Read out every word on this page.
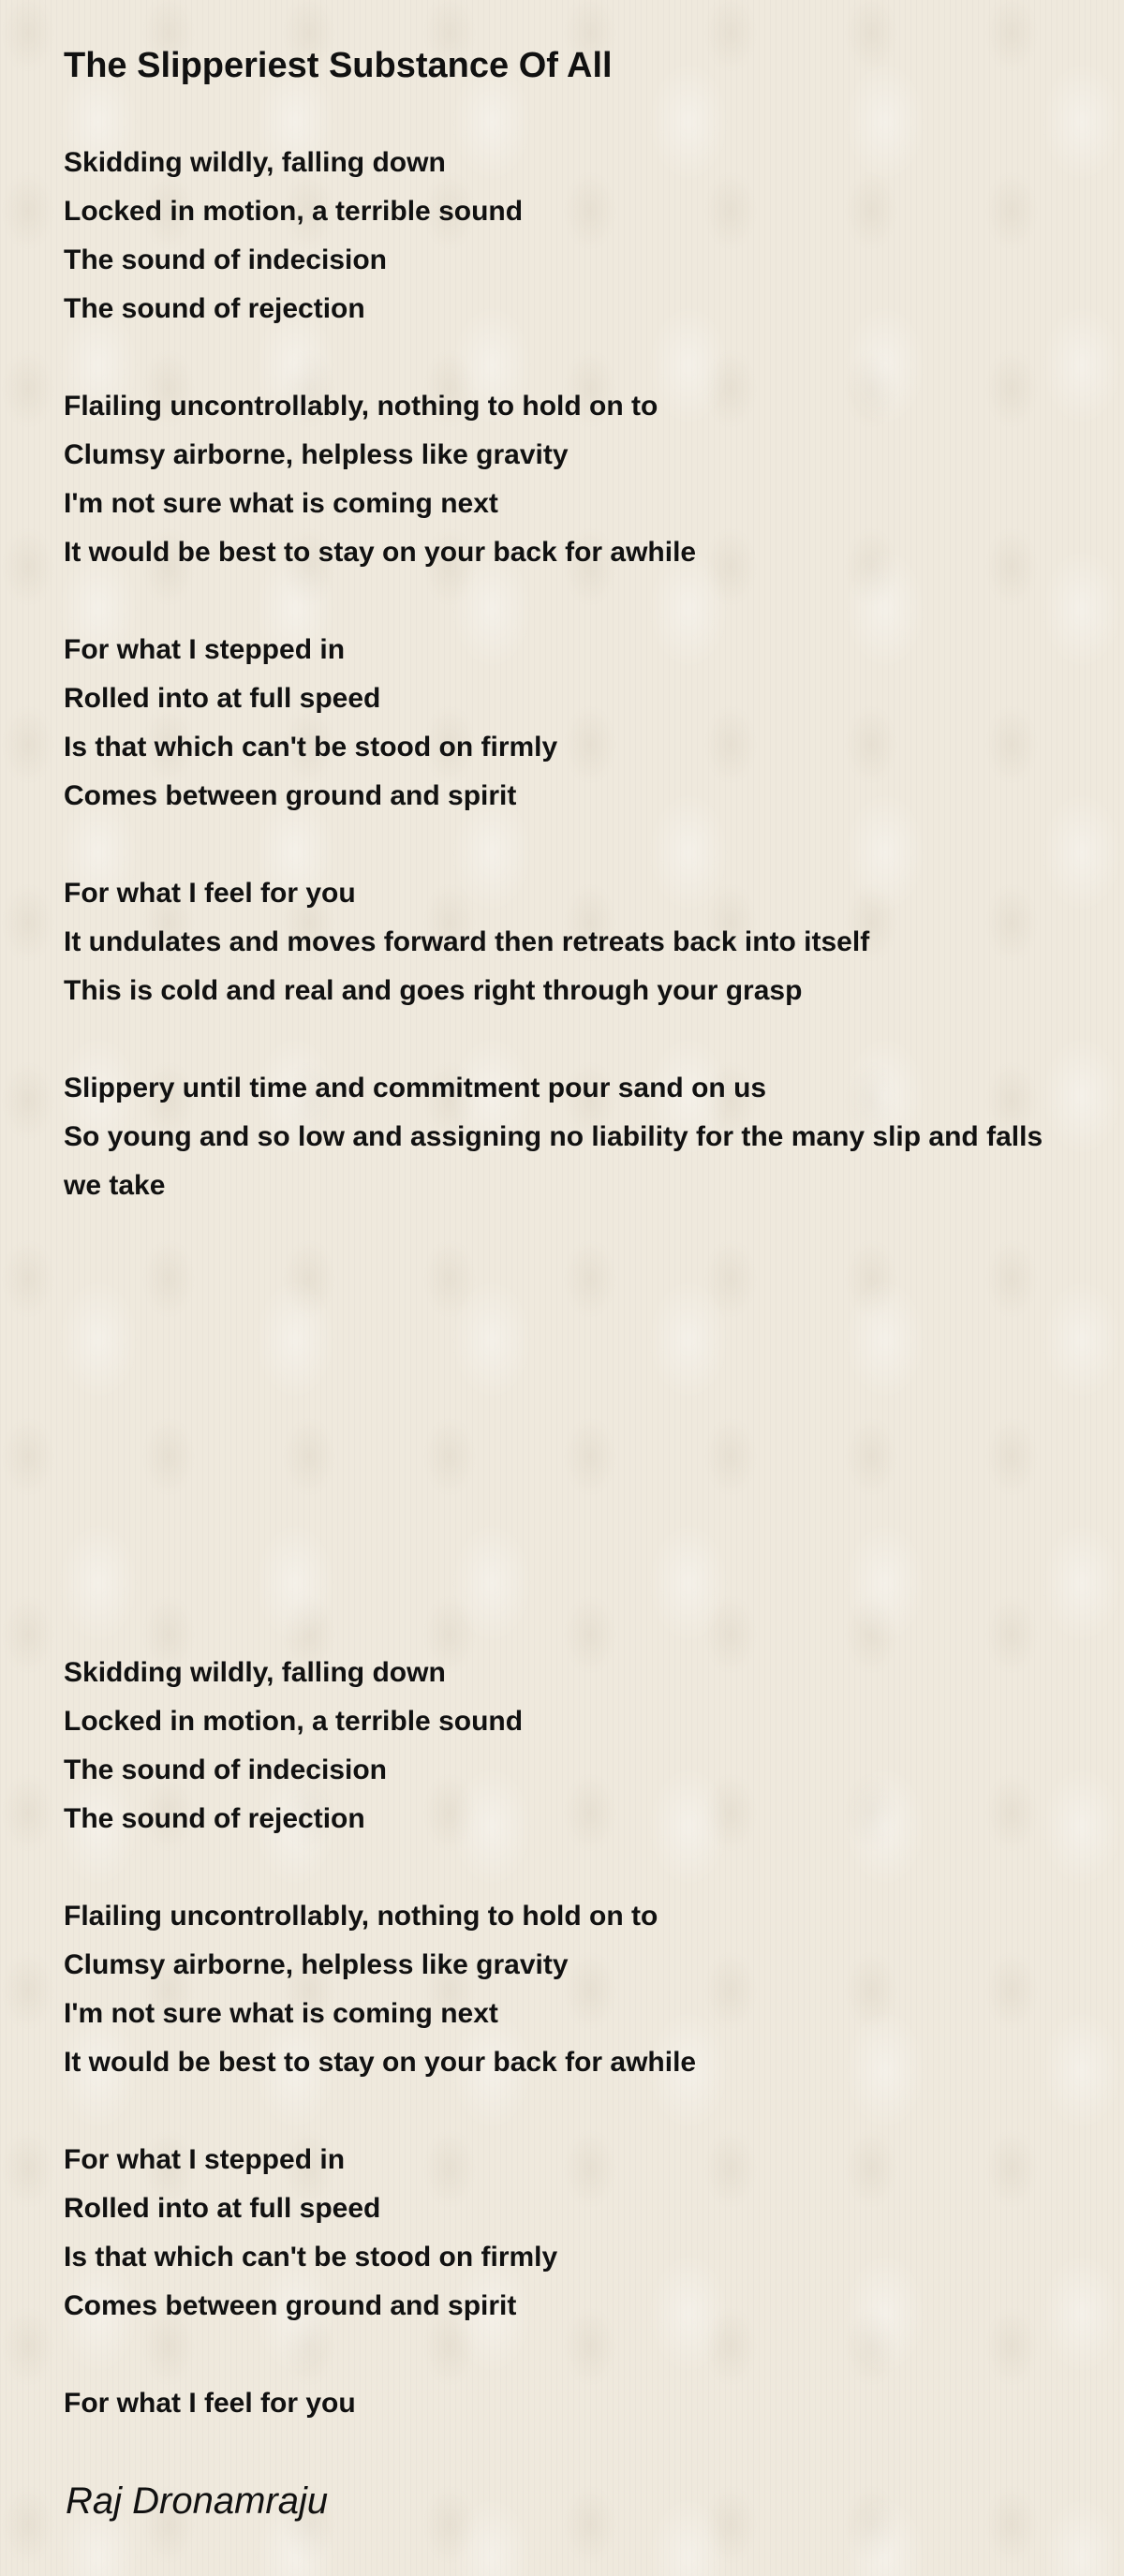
The Slipperiest Substance Of All
Skidding wildly, falling down
Locked in motion, a terrible sound
The sound of indecision
The sound of rejection
Flailing uncontrollably, nothing to hold on to
Clumsy airborne, helpless like gravity
I'm not sure what is coming next
It would be best to stay on your back for awhile
For what I stepped in
Rolled into at full speed
Is that which can't be stood on firmly
Comes between ground and spirit
For what I feel for you
It undulates and moves forward then retreats back into itself
This is cold and real and goes right through your grasp
Slippery until time and commitment pour sand on us
So young and so low and assigning no liability for the many slip and falls we take
Skidding wildly, falling down
Locked in motion, a terrible sound
The sound of indecision
The sound of rejection
Flailing uncontrollably, nothing to hold on to
Clumsy airborne, helpless like gravity
I'm not sure what is coming next
It would be best to stay on your back for awhile
For what I stepped in
Rolled into at full speed
Is that which can't be stood on firmly
Comes between ground and spirit
For what I feel for you
Raj Dronamraju
